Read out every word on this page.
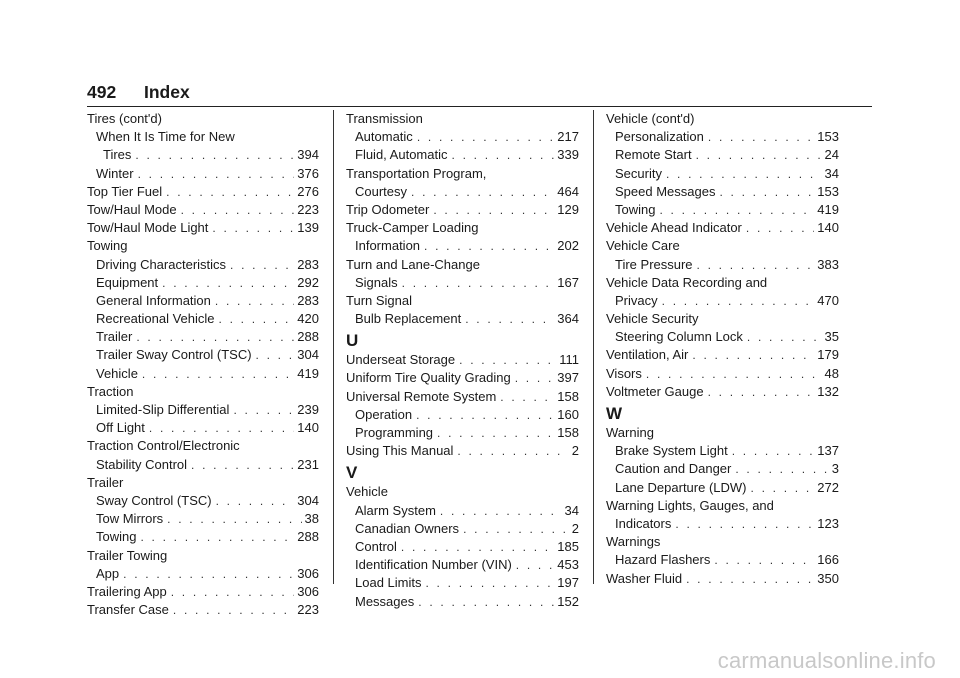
492 Index
Tires (cont'd)
When It Is Time for New
Tires . . .	394
Winter . . .	376
Top Tier Fuel . . .	276
Tow/Haul Mode . . .	223
Tow/Haul Mode Light . . .	139
Towing
Driving Characteristics . . .	283
Equipment . . .	292
General Information . . .	283
Recreational Vehicle . . .	420
Trailer . . .	288
Trailer Sway Control (TSC) . . .	304
Vehicle . . .	419
Traction
Limited-Slip Differential . . .	239
Off Light . . .	140
Traction Control/Electronic
Stability Control . . .	231
Trailer
Sway Control (TSC) . . .	304
Tow Mirrors . . .	38
Towing . . .	288
Trailer Towing
App . . .	306
Trailering App . . .	306
Transfer Case . . .	223
Transmission
Automatic . . .	217
Fluid, Automatic . . .	339
Transportation Program,
Courtesy . . .	464
Trip Odometer . . .	129
Truck-Camper Loading
Information . . .	202
Turn and Lane-Change
Signals . . .	167
Turn Signal
Bulb Replacement . . .	364
U
Underseat Storage . . .	111
Uniform Tire Quality Grading . . .	397
Universal Remote System . . .	158
Operation . . .	160
Programming . . .	158
Using This Manual . . .	2
V
Vehicle
Alarm System . . .	34
Canadian Owners . . .	2
Control . . .	185
Identification Number (VIN) . . .	453
Load Limits . . .	197
Messages . . .	152
Vehicle (cont'd)
Personalization . . .	153
Remote Start . . .	24
Security . . .	34
Speed Messages . . .	153
Towing . . .	419
Vehicle Ahead Indicator . . .	140
Vehicle Care
Tire Pressure . . .	383
Vehicle Data Recording and
Privacy . . .	470
Vehicle Security
Steering Column Lock . . .	35
Ventilation, Air . . .	179
Visors . . .	48
Voltmeter Gauge . . .	132
W
Warning
Brake System Light . . .	137
Caution and Danger . . .	3
Lane Departure (LDW) . . .	272
Warning Lights, Gauges, and
Indicators . . .	123
Warnings
Hazard Flashers . . .	166
Washer Fluid . . .	350
carmanualsonline.info
